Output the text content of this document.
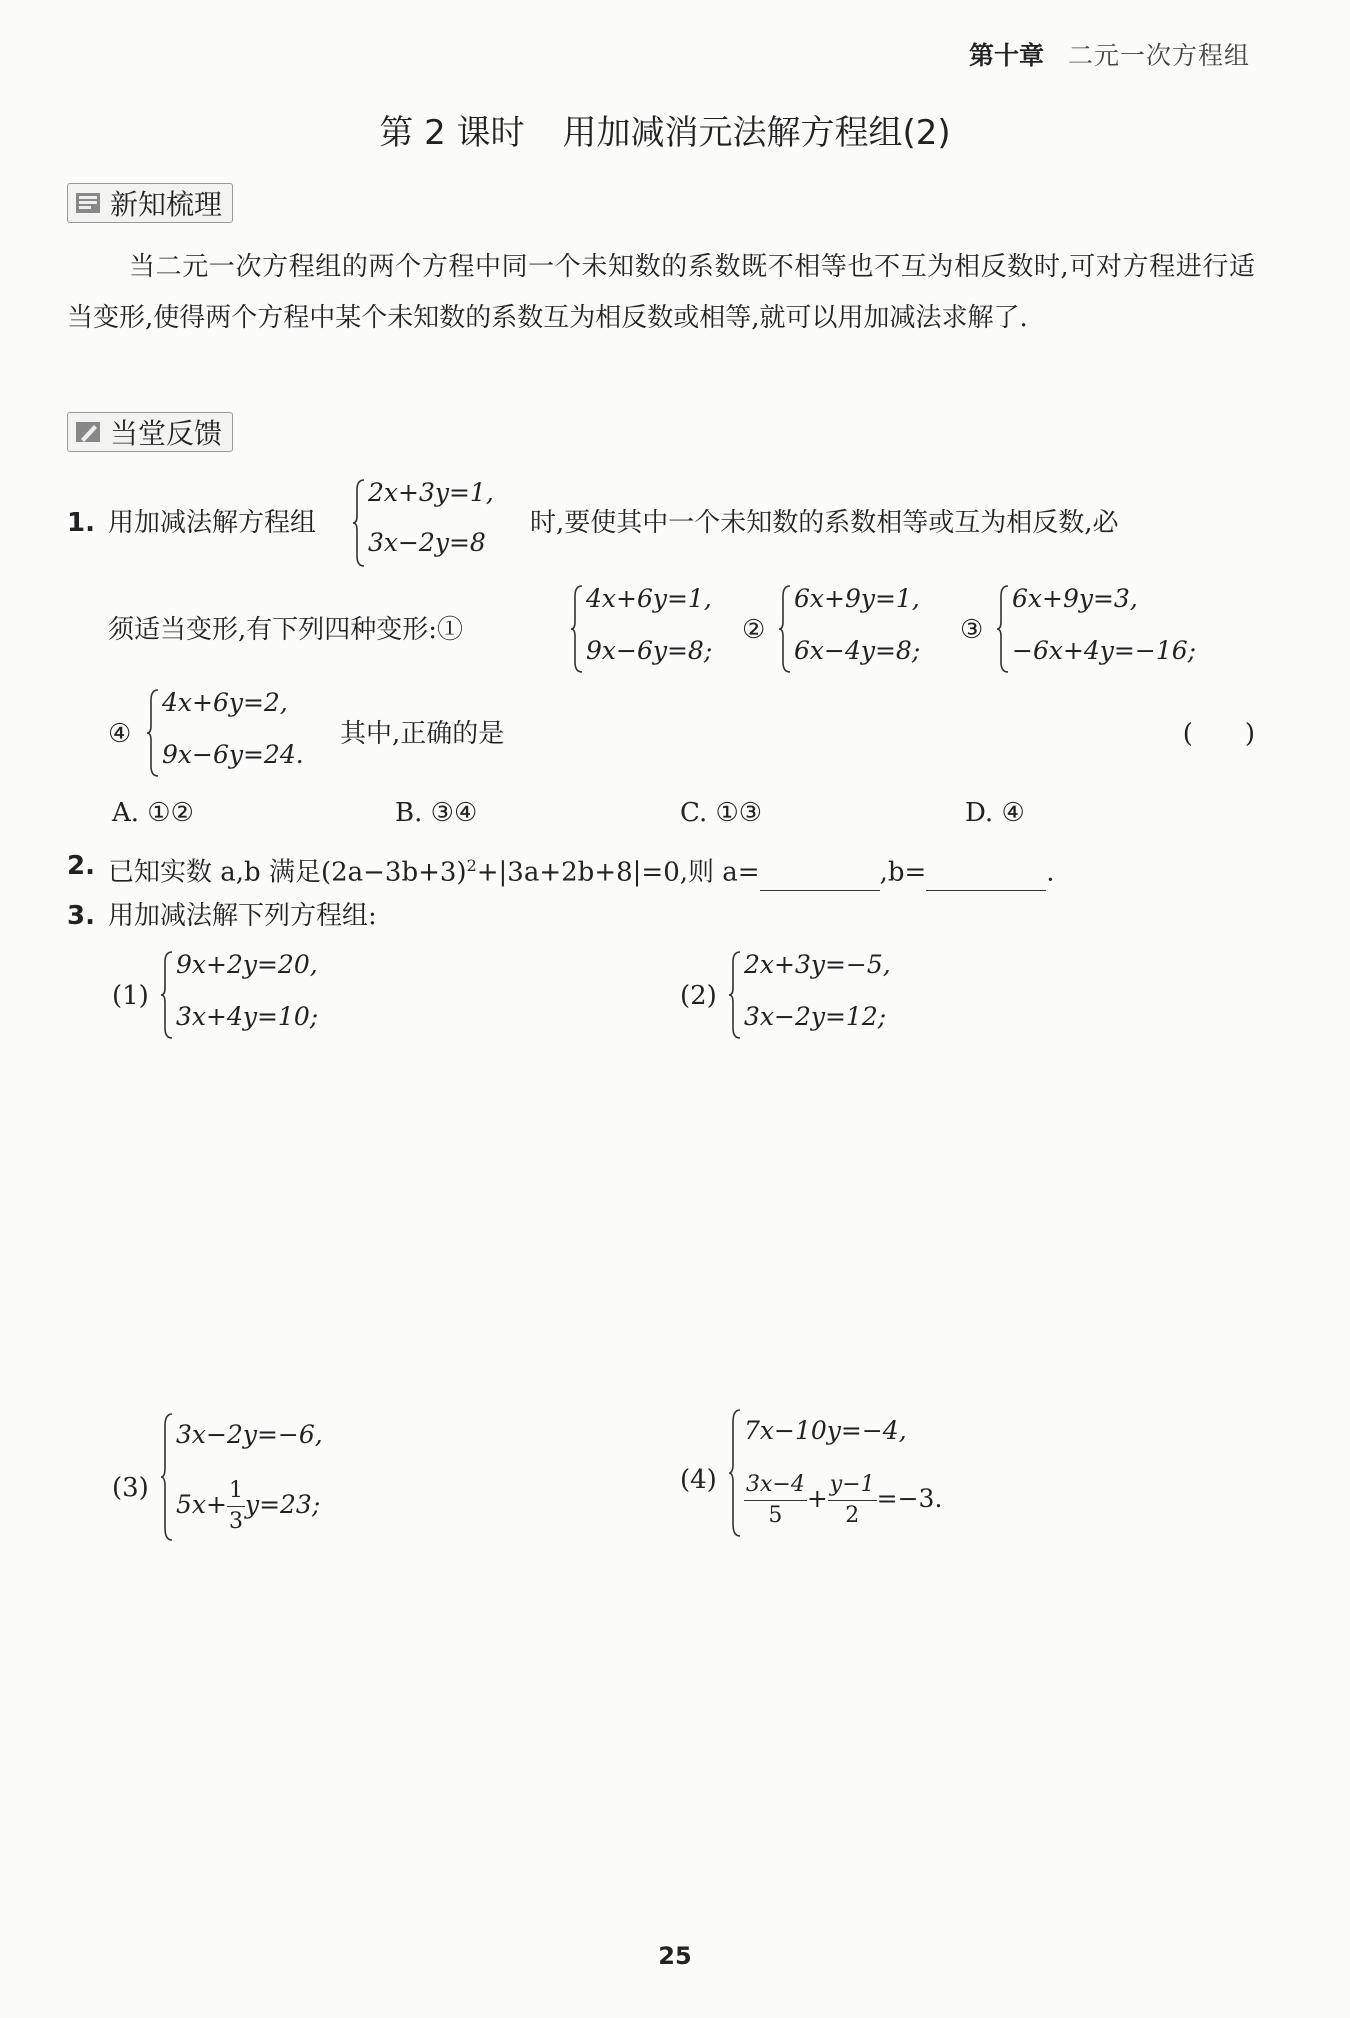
第十章 二元一次方程组
第 2 课时 用加减消元法解方程组(2)
新知梳理
当二元一次方程组的两个方程中同一个未知数的系数既不相等也不互为相反数时,可对方程进行适当变形,使得两个方程中某个未知数的系数互为相反数或相等,就可以用加减法求解了.
当堂反馈
1. 用加减法解方程组
2x+3y=1,
3x−2y=8
时,要使其中一个未知数的系数相等或互为相反数,必
须适当变形,有下列四种变形:①
4x+6y=1,
9x−6y=8;
②
6x+9y=1,
6x−4y=8;
③
6x+9y=3,
−6x+4y=−16;
④
4x+6y=2,
9x−6y=24.
其中,正确的是	(　　)
A. ①②	B. ③④	C. ①③	D. ④
2. 已知实数 a,b 满足$(2a-3b+3)^2+|3a+2b+8|=0$,则 a=	,b=	.
3. 用加减法解下列方程组:
(1)
9x+2y=20,
3x+4y=10;
(2)
2x+3y=−5,
3x−2y=12;
(3)
3x−2y=−6,
$5x+ \frac{1}{3} y=23$;
(4)
7x−10y=−4,
$\frac{3x-4}{5} + \frac{y-1}{2} =-3$.
25
